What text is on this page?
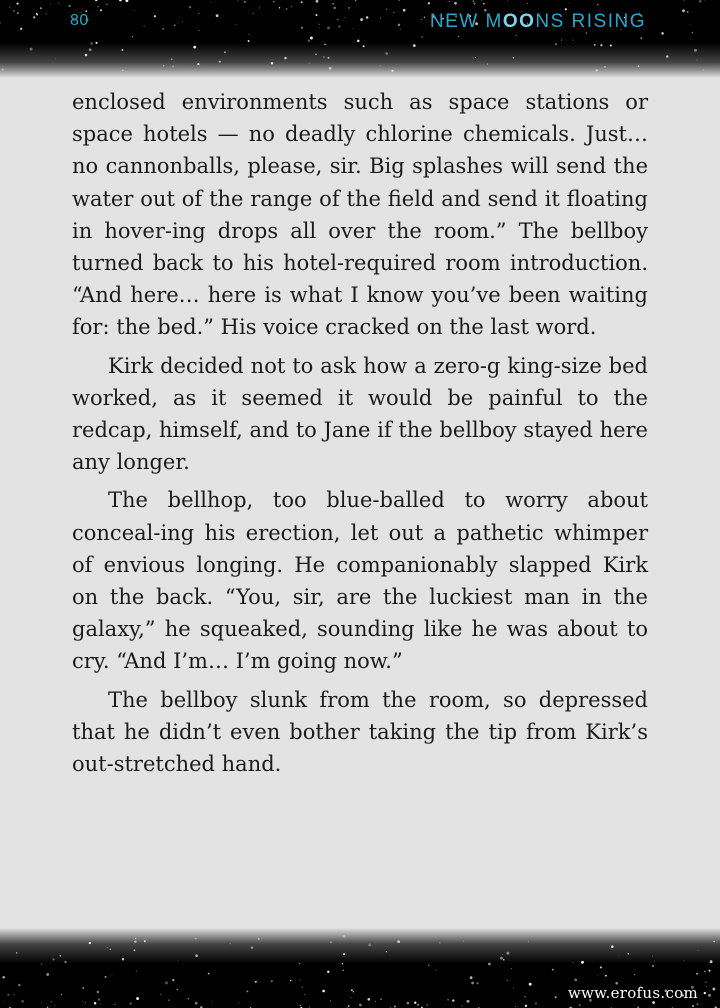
80	NEW MOONS RISING

enclosed environments such as space stations or space hotels — no deadly chlorine chemicals. Just… no cannonballs, please, sir. Big splashes will send the water out of the range of the field and send it floating in hover-ing drops all over the room.” The bellboy turned back to his hotel-required room introduction. “And here… here is what I know you’ve been waiting for: the bed.” His voice cracked on the last word.

Kirk decided not to ask how a zero-g king-size bed worked, as it seemed it would be painful to the redcap, himself, and to Jane if the bellboy stayed here any longer.

The bellhop, too blue-balled to worry about conceal-ing his erection, let out a pathetic whimper of envious longing. He companionably slapped Kirk on the back. “You, sir, are the luckiest man in the galaxy,” he squeaked, sounding like he was about to cry. “And I’m… I’m going now.”

The bellboy slunk from the room, so depressed that he didn’t even bother taking the tip from Kirk’s out-stretched hand.

www.erofus.com
